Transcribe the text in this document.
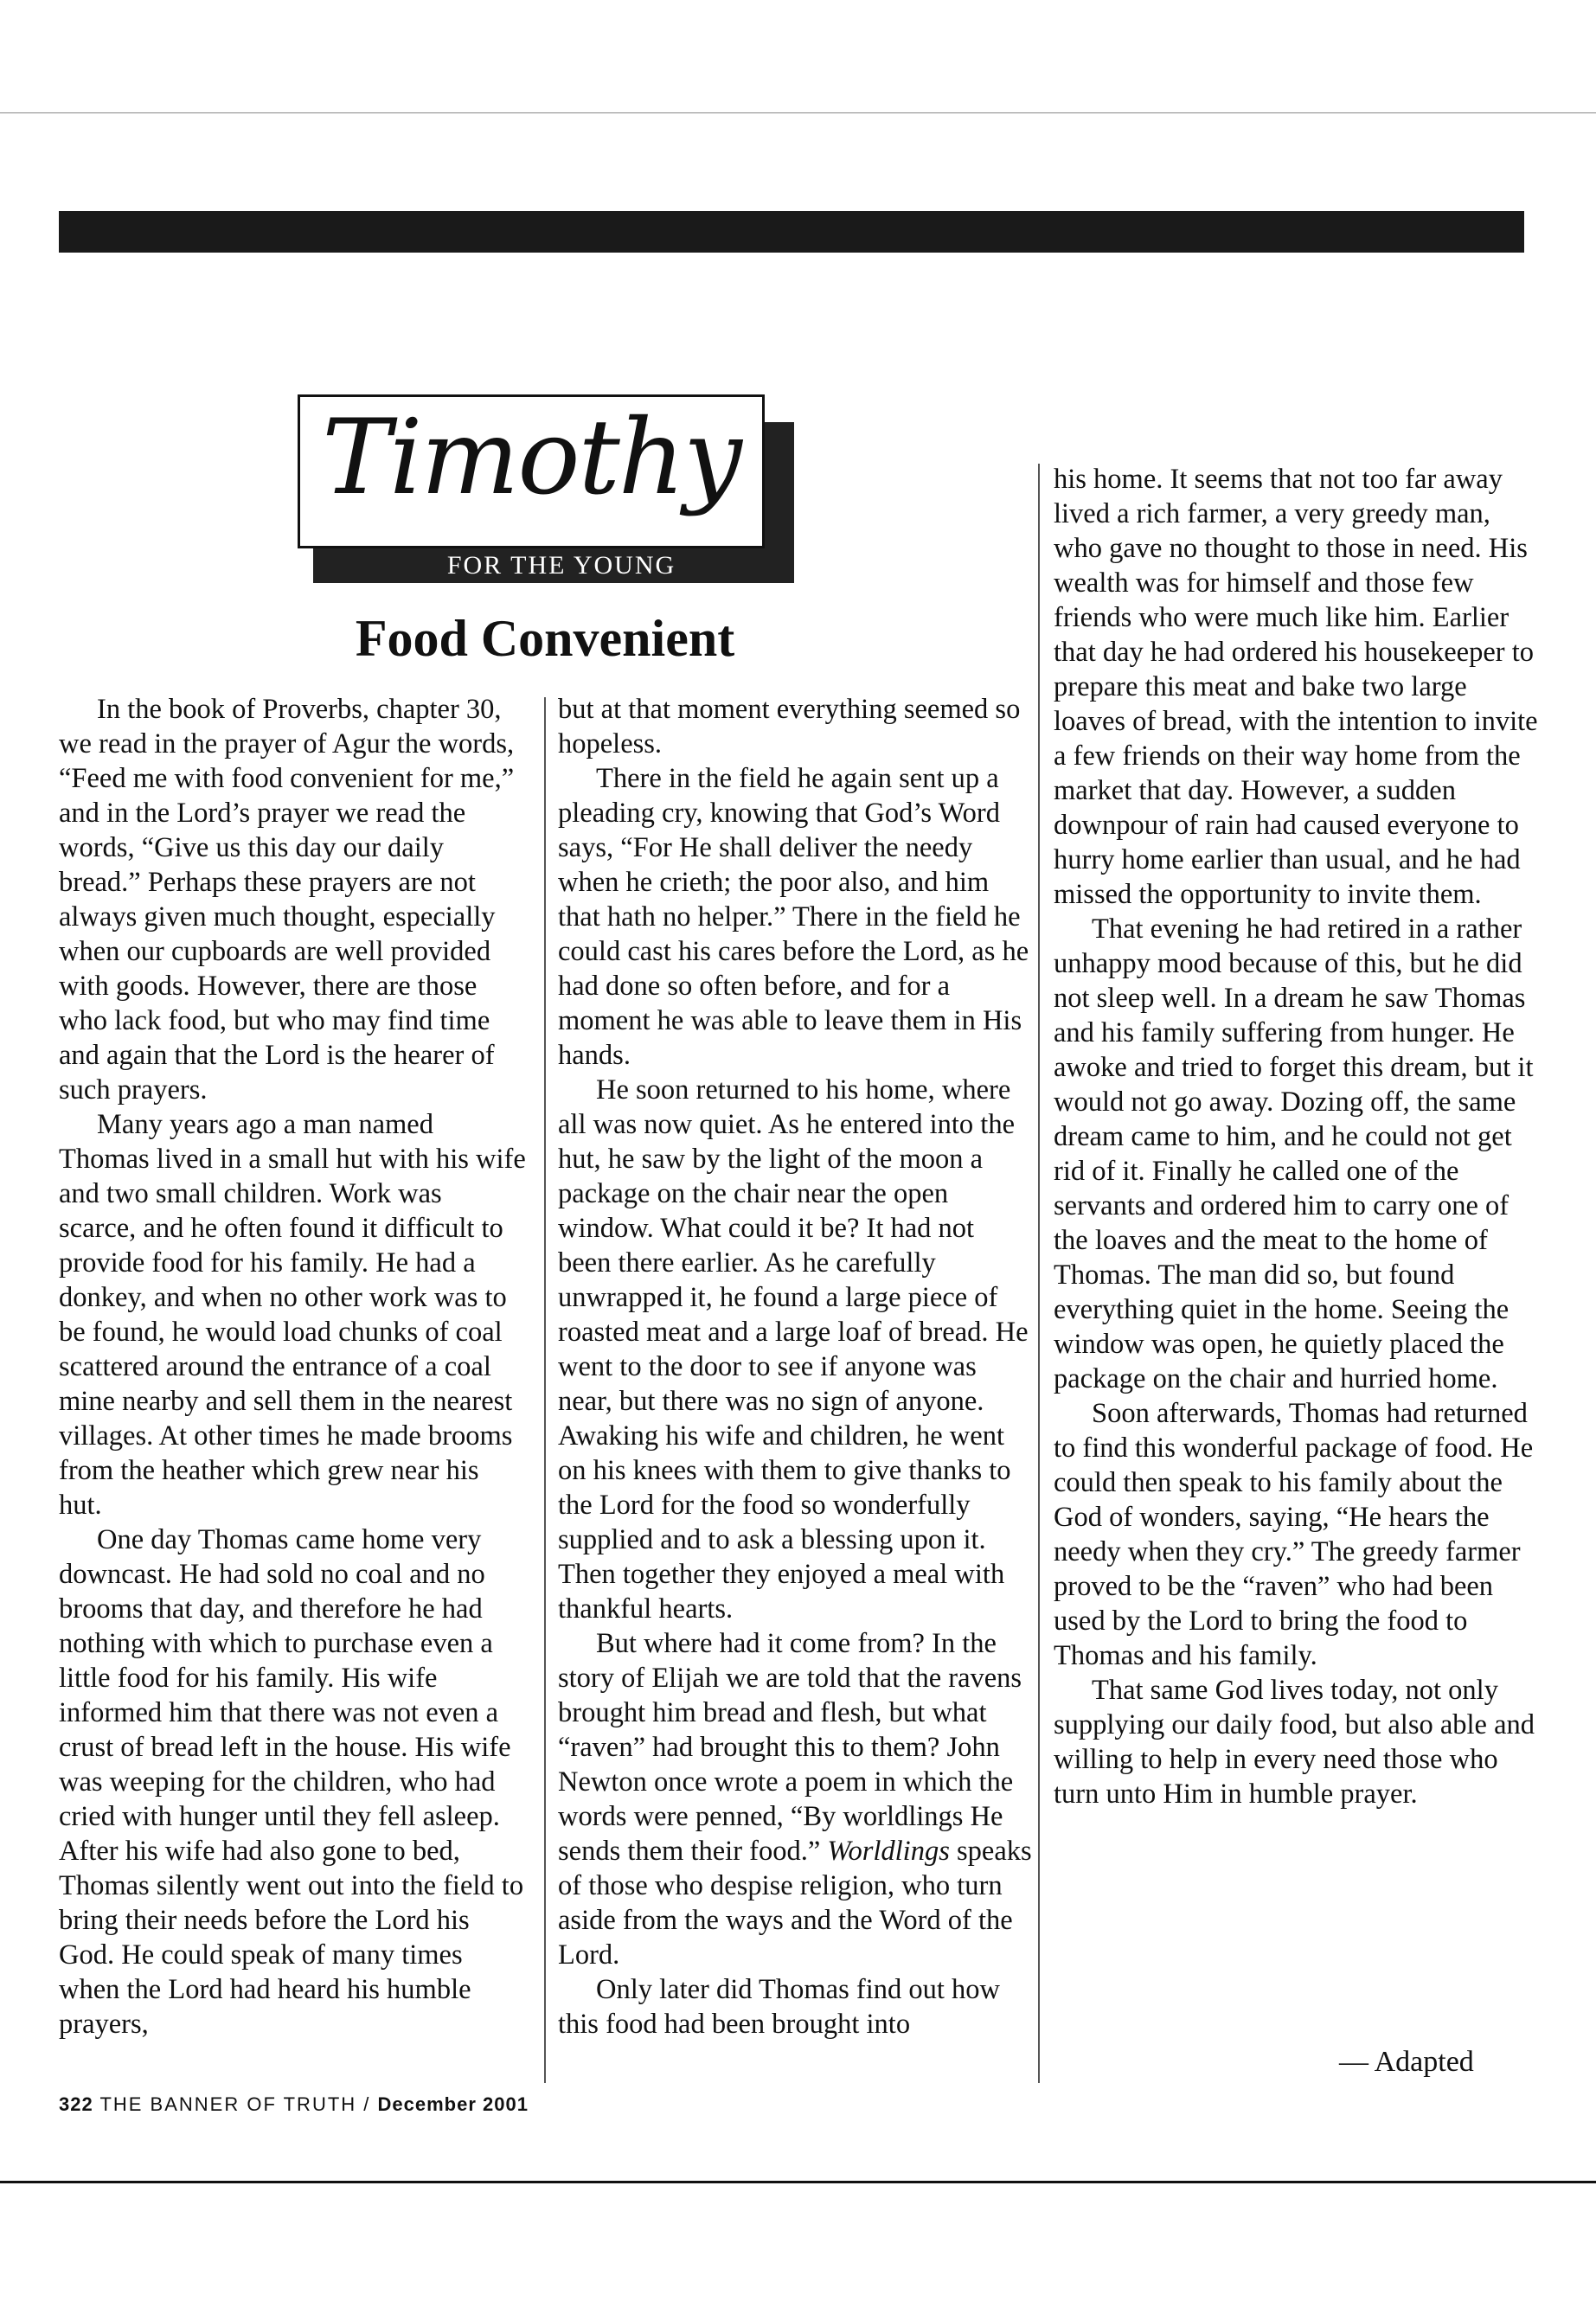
Timothy
FOR THE YOUNG
Food Convenient

In the book of Proverbs, chapter 30, we read in the prayer of Agur the words, “Feed me with food convenient for me,” and in the Lord’s prayer we read the words, “Give us this day our daily bread.” Perhaps these prayers are not always given much thought, especially when our cupboards are well provided with goods. However, there are those who lack food, but who may find time and again that the Lord is the hearer of such prayers.

Many years ago a man named Thomas lived in a small hut with his wife and two small children. Work was scarce, and he often found it difficult to provide food for his family. He had a donkey, and when no other work was to be found, he would load chunks of coal scattered around the entrance of a coal mine nearby and sell them in the nearest villages. At other times he made brooms from the heather which grew near his hut.

One day Thomas came home very downcast. He had sold no coal and no brooms that day, and therefore he had nothing with which to purchase even a little food for his family. His wife informed him that there was not even a crust of bread left in the house. His wife was weeping for the children, who had cried with hunger until they fell asleep. After his wife had also gone to bed, Thomas silently went out into the field to bring their needs before the Lord his God. He could speak of many times when the Lord had heard his humble prayers,

but at that moment everything seemed so hopeless.

There in the field he again sent up a pleading cry, knowing that God’s Word says, “For He shall deliver the needy when he crieth; the poor also, and him that hath no helper.” There in the field he could cast his cares before the Lord, as he had done so often before, and for a moment he was able to leave them in His hands.

He soon returned to his home, where all was now quiet. As he entered into the hut, he saw by the light of the moon a package on the chair near the open window. What could it be? It had not been there earlier. As he carefully unwrapped it, he found a large piece of roasted meat and a large loaf of bread. He went to the door to see if anyone was near, but there was no sign of anyone. Awaking his wife and children, he went on his knees with them to give thanks to the Lord for the food so wonderfully supplied and to ask a blessing upon it. Then together they enjoyed a meal with thankful hearts.

But where had it come from? In the story of Elijah we are told that the ravens brought him bread and flesh, but what “raven” had brought this to them? John Newton once wrote a poem in which the words were penned, “By worldlings He sends them their food.” Worldlings speaks of those who despise religion, who turn aside from the ways and the Word of the Lord.

Only later did Thomas find out how this food had been brought into

his home. It seems that not too far away lived a rich farmer, a very greedy man, who gave no thought to those in need. His wealth was for himself and those few friends who were much like him. Earlier that day he had ordered his housekeeper to prepare this meat and bake two large loaves of bread, with the intention to invite a few friends on their way home from the market that day. However, a sudden downpour of rain had caused everyone to hurry home earlier than usual, and he had missed the opportunity to invite them.

That evening he had retired in a rather unhappy mood because of this, but he did not sleep well. In a dream he saw Thomas and his family suffering from hunger. He awoke and tried to forget this dream, but it would not go away. Dozing off, the same dream came to him, and he could not get rid of it. Finally he called one of the servants and ordered him to carry one of the loaves and the meat to the home of Thomas. The man did so, but found everything quiet in the home. Seeing the window was open, he quietly placed the package on the chair and hurried home.

Soon afterwards, Thomas had returned to find this wonderful package of food. He could then speak to his family about the God of wonders, saying, “He hears the needy when they cry.” The greedy farmer proved to be the “raven” who had been used by the Lord to bring the food to Thomas and his family.

That same God lives today, not only supplying our daily food, but also able and willing to help in every need those who turn unto Him in humble prayer.

— Adapted
322 THE BANNER OF TRUTH / December 2001
